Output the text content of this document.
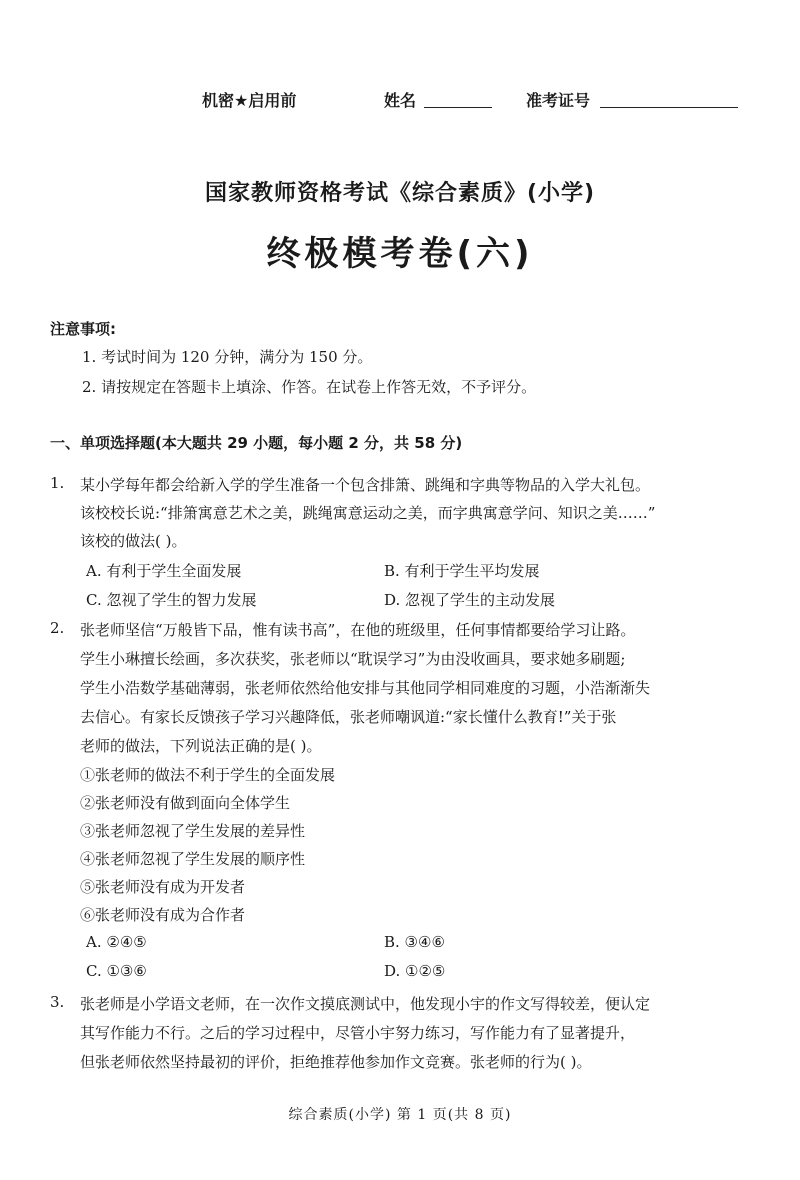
机密★启用前	姓名	准考证号
国家教师资格考试《综合素质》(小学)
终极模考卷(六)
注意事项:
1. 考试时间为 120 分钟，满分为 150 分。
2. 请按规定在答题卡上填涂、作答。在试卷上作答无效，不予评分。
一、单项选择题(本大题共 29 小题，每小题 2 分，共 58 分)
1. 某小学每年都会给新入学的学生准备一个包含排箫、跳绳和字典等物品的入学大礼包。
该校校长说:“排箫寓意艺术之美，跳绳寓意运动之美，而字典寓意学问、知识之美……”
该校的做法( )。
A. 有利于学生全面发展	B. 有利于学生平均发展
C. 忽视了学生的智力发展	D. 忽视了学生的主动发展
2. 张老师坚信“万般皆下品，惟有读书高”，在他的班级里，任何事情都要给学习让路。
学生小琳擅长绘画，多次获奖，张老师以“耽误学习”为由没收画具，要求她多刷题;
学生小浩数学基础薄弱，张老师依然给他安排与其他同学相同难度的习题，小浩渐渐失
去信心。有家长反馈孩子学习兴趣降低，张老师嘲讽道:“家长懂什么教育!”关于张
老师的做法，下列说法正确的是( )。
①张老师的做法不利于学生的全面发展
②张老师没有做到面向全体学生
③张老师忽视了学生发展的差异性
④张老师忽视了学生发展的顺序性
⑤张老师没有成为开发者
⑥张老师没有成为合作者
A. ②④⑤	B. ③④⑥
C. ①③⑥	D. ①②⑤
3. 张老师是小学语文老师，在一次作文摸底测试中，他发现小宇的作文写得较差，便认定
其写作能力不行。之后的学习过程中，尽管小宇努力练习，写作能力有了显著提升，
但张老师依然坚持最初的评价，拒绝推荐他参加作文竞赛。张老师的行为( )。
综合素质(小学) 第 1 页(共 8 页)
